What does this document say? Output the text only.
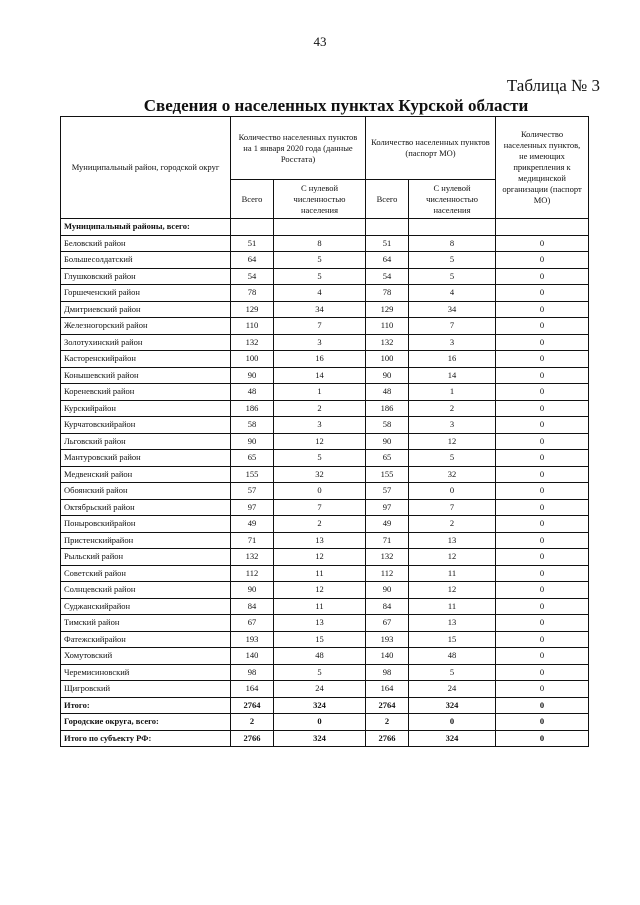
43
Таблица № 3
Сведения о населенных пунктах Курской области
Муниципальный район, городской округ	Количество населенных пунктов на 1 января 2020 года (данные Росстата)		Количество населенных пунктов (паспорт МО)		Количество населенных пунктов, не имеющих прикрепления к медицинской организации (паспорт МО)
	Всего	С нулевой численностью населения	Всего	С нулевой численностью населения	
Муниципальный районы, всего:					
Беловский район	51	8	51	8	0
Большесолдатский	64	5	64	5	0
Глушковский район	54	5	54	5	0
Горшеченский район	78	4	78	4	0
Дмитриевский район	129	34	129	34	0
Железногорский район	110	7	110	7	0
Золотухинский район	132	3	132	3	0
Касторенскийрайон	100	16	100	16	0
Конышевский район	90	14	90	14	0
Кореневский район	48	1	48	1	0
Курскийрайон	186	2	186	2	0
Курчатовскийрайон	58	3	58	3	0
Льговский район	90	12	90	12	0
Мантуровский район	65	5	65	5	0
Медвенский район	155	32	155	32	0
Обоянский район	57	0	57	0	0
Октябрьский район	97	7	97	7	0
Поныровскийрайон	49	2	49	2	0
Пристенскийрайон	71	13	71	13	0
Рыльский район	132	12	132	12	0
Советский район	112	11	112	11	0
Солнцевский район	90	12	90	12	0
Суджанскийрайон	84	11	84	11	0
Тимский район	67	13	67	13	0
Фатежскийрайон	193	15	193	15	0
Хомутовский	140	48	140	48	0
Черемисиновский	98	5	98	5	0
Щигровский	164	24	164	24	0
Итого:	2764	324	2764	324	0
Городские округа, всего:	2	0	2	0	0
Итого по субъекту РФ:	2766	324	2766	324	0
